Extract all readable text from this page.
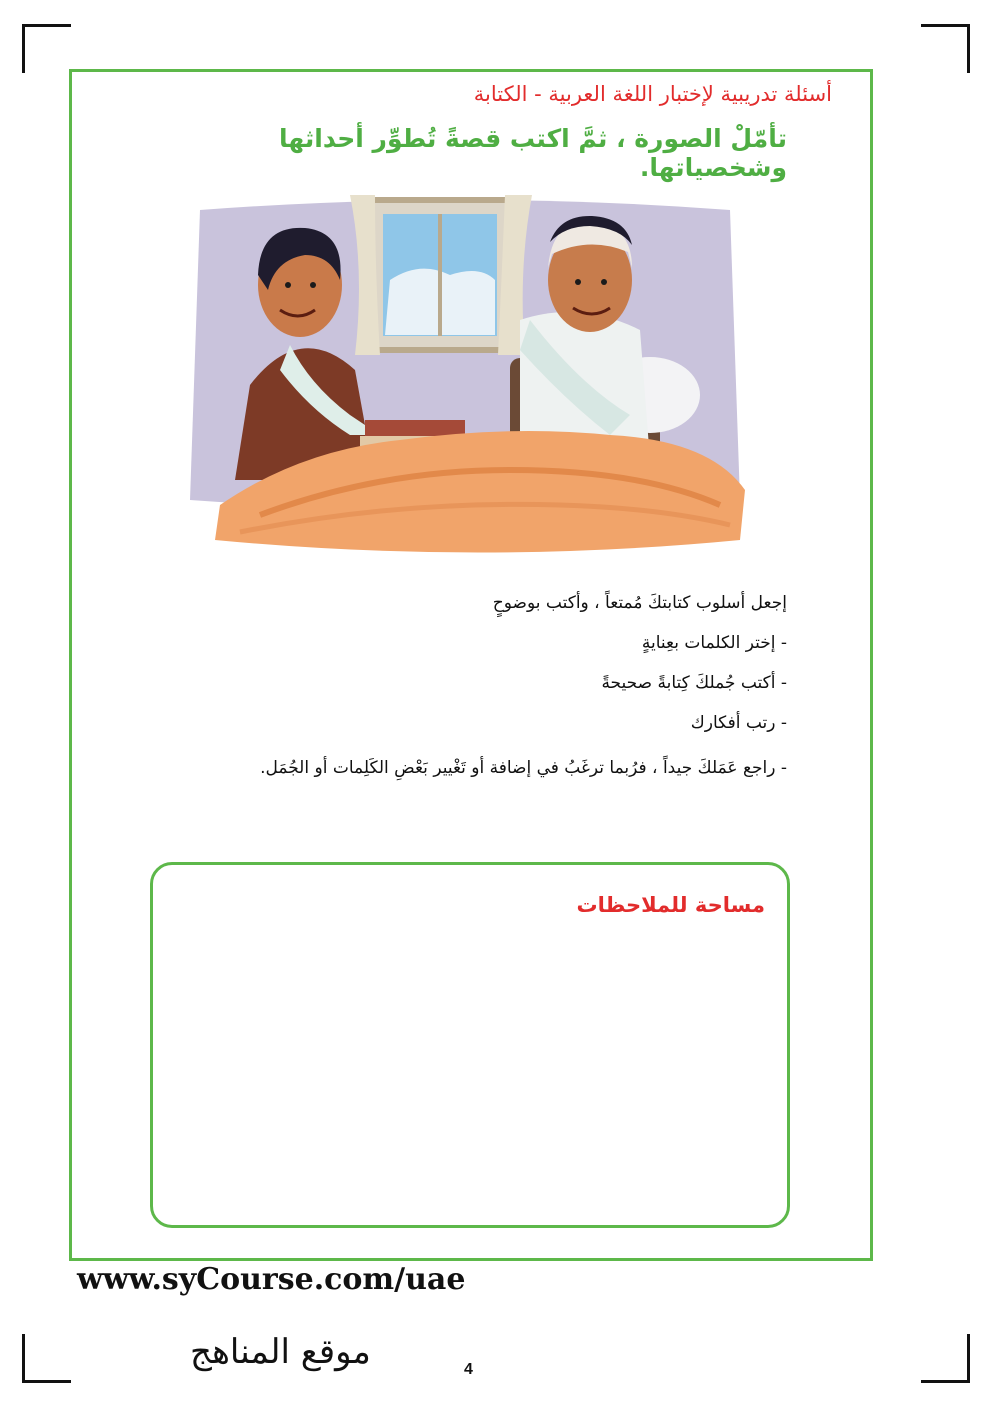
أسئلة تدريبية لإختبار اللغة العربية - الكتابة
تأمّلْ الصورة ، ثمَّ اكتب قصةً تُطوِّر أحداثها وشخصياتها.

إجعل أسلوب كتابتكَ مُمتعاً ، وأكتب بوضوحٍ

- إختر الكلمات بعِنايةٍ

- أكتب جُملكَ كِتابةً صحيحةً

- رتب أفكارك

- راجع عَمَلكَ جيداً ، فرُبما ترغَبُ في إضافة أو تَغْيير بَعْضِ الكَلِمات أو الجُمَل.

مساحة للملاحظات
www.syCourse.com/uae
موقع المناهج	4
